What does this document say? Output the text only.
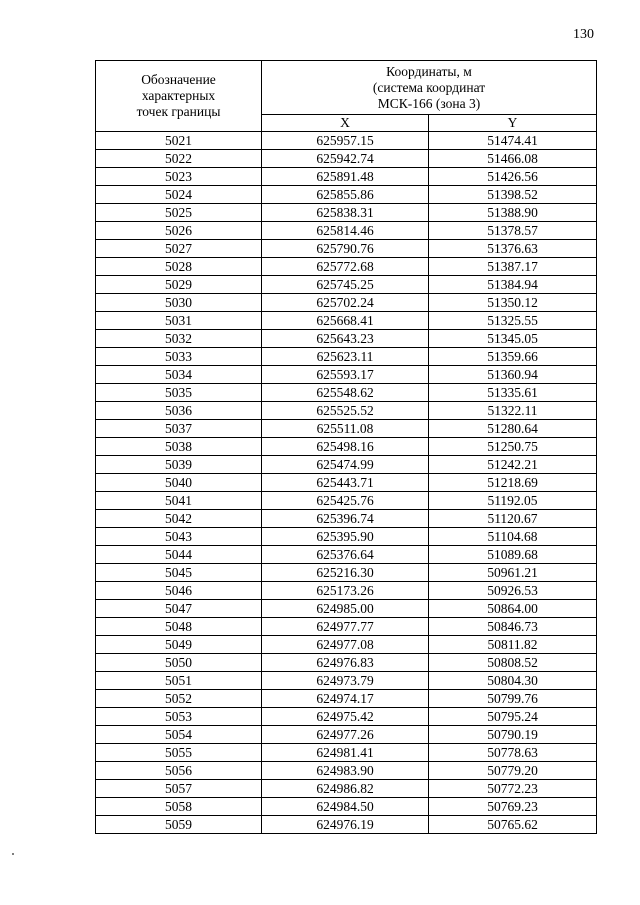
130
Обозначение
характерных
точек границы	Координаты, м
(система координат
МСК-166 (зона 3)	

	X	Y
5021	625957.15	51474.41
5022	625942.74	51466.08
5023	625891.48	51426.56
5024	625855.86	51398.52
5025	625838.31	51388.90
5026	625814.46	51378.57
5027	625790.76	51376.63
5028	625772.68	51387.17
5029	625745.25	51384.94
5030	625702.24	51350.12
5031	625668.41	51325.55
5032	625643.23	51345.05
5033	625623.11	51359.66
5034	625593.17	51360.94
5035	625548.62	51335.61
5036	625525.52	51322.11
5037	625511.08	51280.64
5038	625498.16	51250.75
5039	625474.99	51242.21
5040	625443.71	51218.69
5041	625425.76	51192.05
5042	625396.74	51120.67
5043	625395.90	51104.68
5044	625376.64	51089.68
5045	625216.30	50961.21
5046	625173.26	50926.53
5047	624985.00	50864.00
5048	624977.77	50846.73
5049	624977.08	50811.82
5050	624976.83	50808.52
5051	624973.79	50804.30
5052	624974.17	50799.76
5053	624975.42	50795.24
5054	624977.26	50790.19
5055	624981.41	50778.63
5056	624983.90	50779.20
5057	624986.82	50772.23
5058	624984.50	50769.23
5059	624976.19	50765.62
